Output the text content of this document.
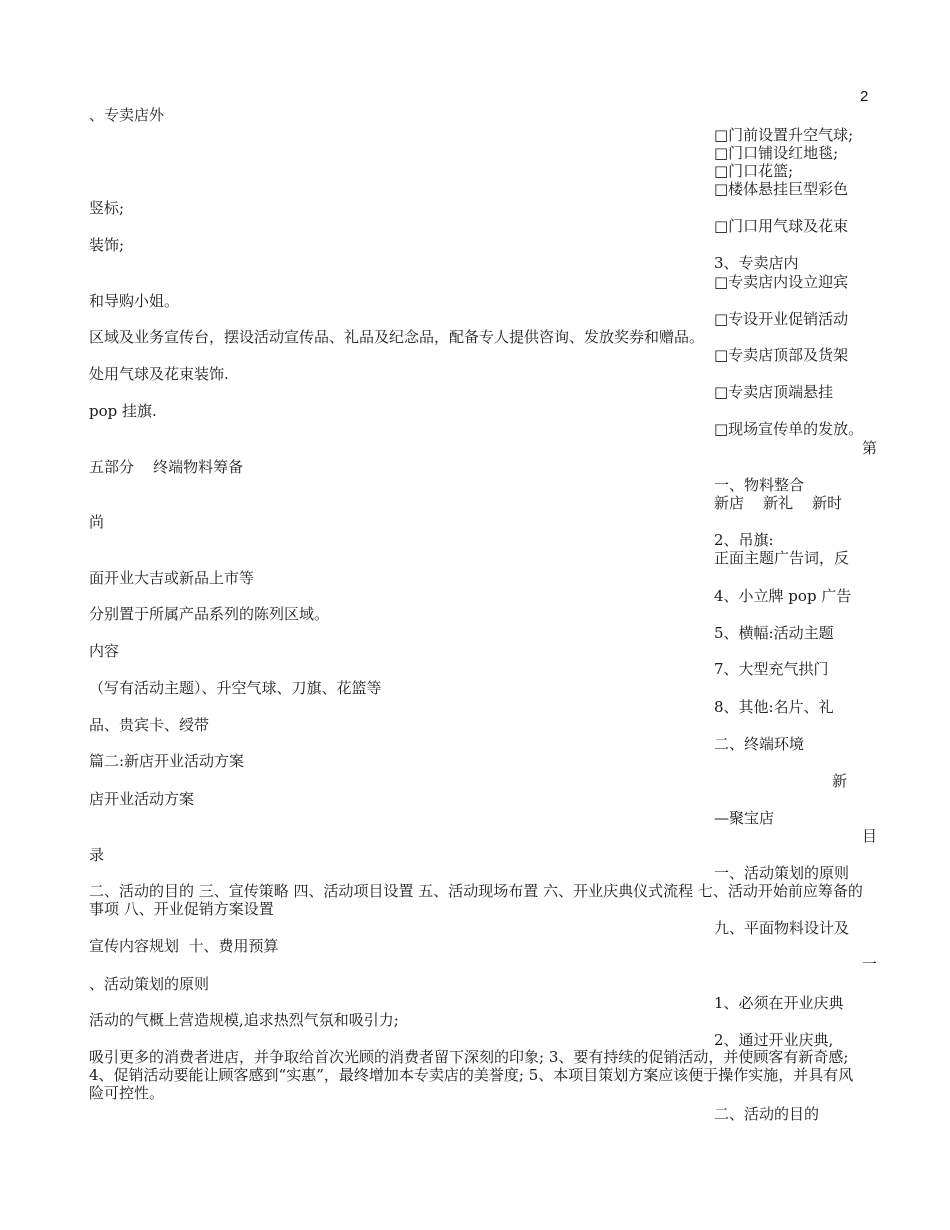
2
、专卖店外
竖标;
装饰;
和导购小姐。
区域及业务宣传台，摆设活动宣传品、礼品及纪念品，配备专人提供咨询、发放奖券和赠品。
处用气球及花束装饰.
pop 挂旗.
五部分    终端物料筹备
尚
面开业大吉或新品上市等
分别置于所属产品系列的陈列区域。
内容
（写有活动主题）、升空气球、刀旗、花篮等
品、贵宾卡、绶带
篇二:新店开业活动方案
店开业活动方案
录
二、活动的目的 三、宣传策略 四、活动项目设置 五、活动现场布置 六、开业庆典仪式流程 七、活动开始前应筹备的事项 八、开业促销方案设置
宣传内容规划  十、费用预算
、活动策划的原则
活动的气概上营造规模,追求热烈气氛和吸引力;
吸引更多的消费者进店，并争取给首次光顾的消费者留下深刻的印象; 3、要有持续的促销活动，并使顾客有新奇感; 4、促销活动要能让顾客感到“实惠”，最终增加本专卖店的美誉度; 5、本项目策划方案应该便于操作实施，并具有风险可控性。
□门前设置升空气球;
□门口铺设红地毯;
□门口花篮;
□楼体悬挂巨型彩色
□门口用气球及花束
3、专卖店内
□专卖店内设立迎宾
□专设开业促销活动
□专卖店顶部及货架
□专卖店顶端悬挂
□现场宣传单的发放。
第
一、物料整合
新店    新礼    新时
2、吊旗:
正面主题广告词，反
4、小立牌 pop 广告
5、横幅:活动主题
7、大型充气拱门
8、其他:名片、礼
二、终端环境
新
—聚宝店
目
一、活动策划的原则
九、平面物料设计及
一
1、必须在开业庆典
2、通过开业庆典,
二、活动的目的
